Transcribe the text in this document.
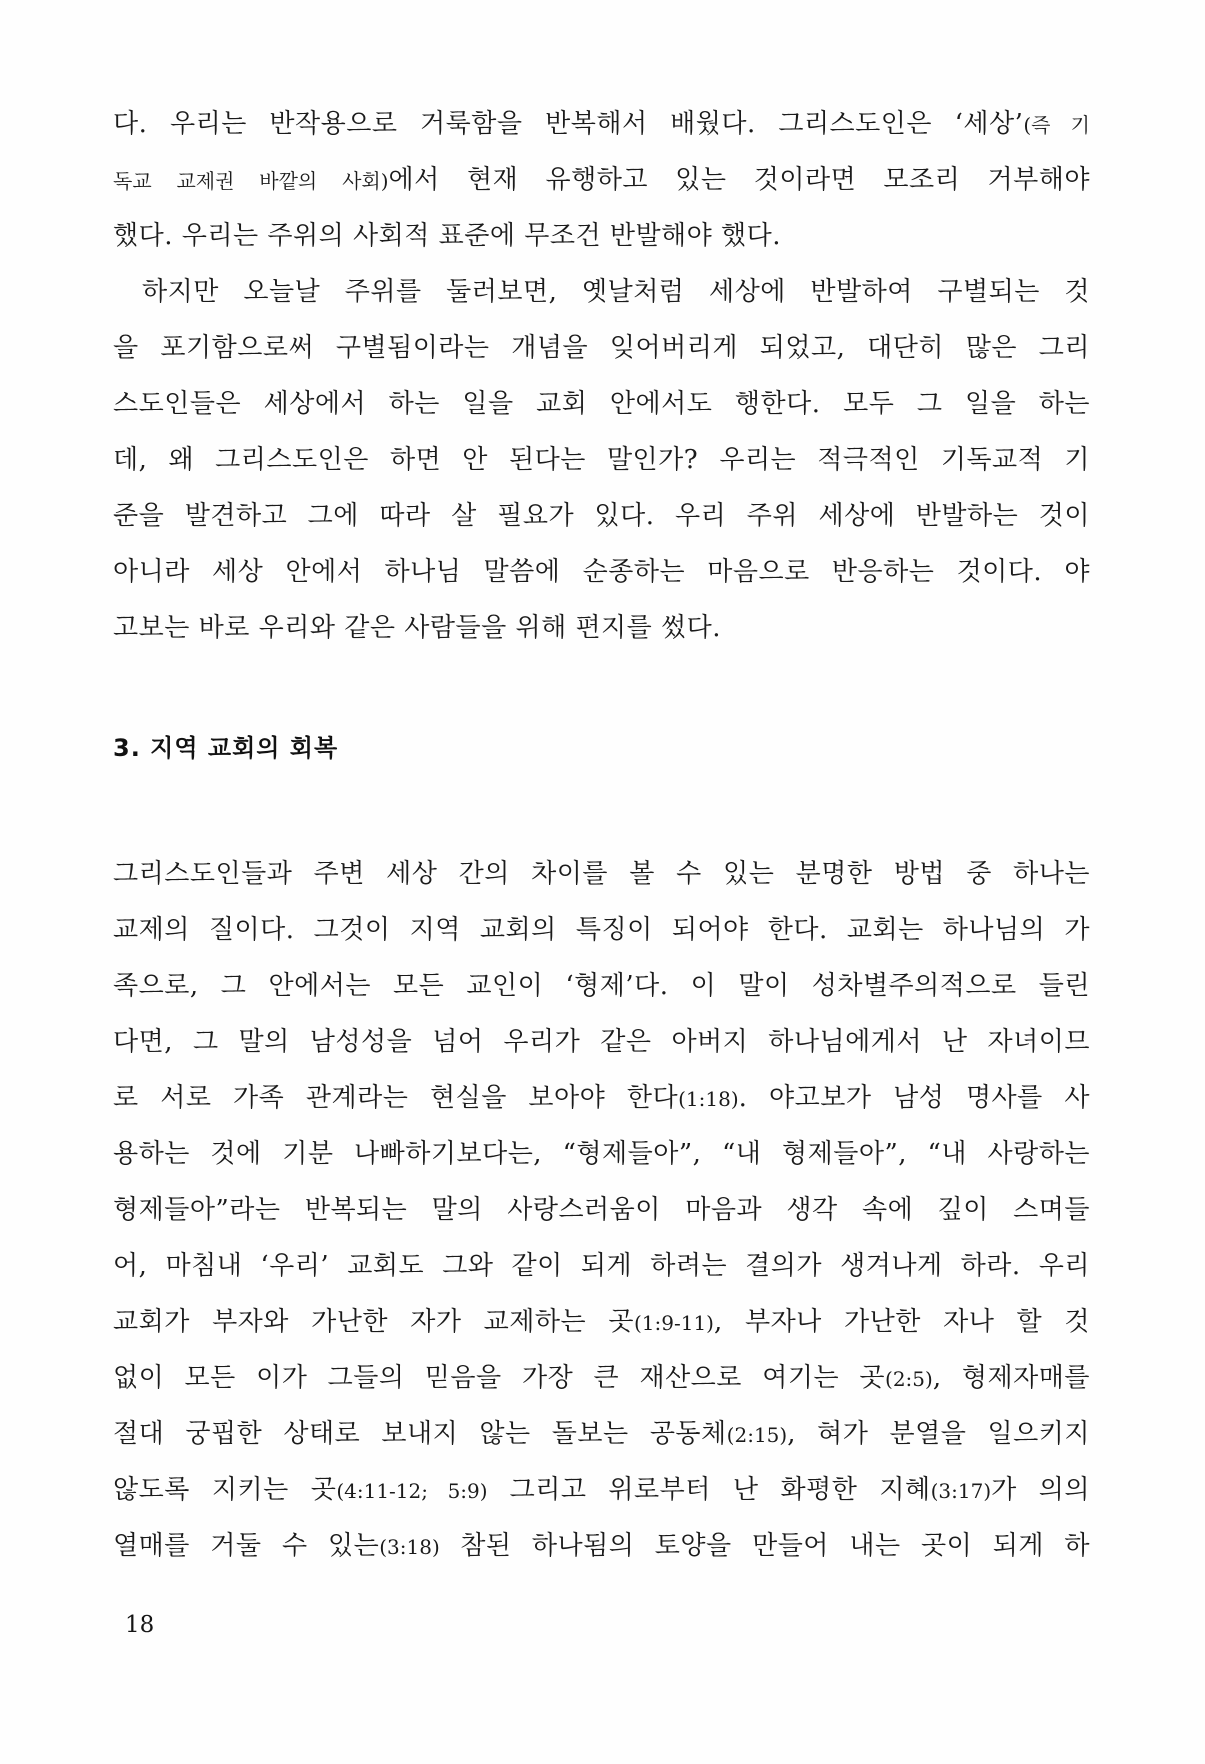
다. 우리는 반작용으로 거룩함을 반복해서 배웠다. 그리스도인은 ‘세상’(즉 기
독교 교제권 바깥의 사회)에서 현재 유행하고 있는 것이라면 모조리 거부해야
했다. 우리는 주위의 사회적 표준에 무조건 반발해야 했다.

하지만 오늘날 주위를 둘러보면, 옛날처럼 세상에 반발하여 구별되는 것
을 포기함으로써 구별됨이라는 개념을 잊어버리게 되었고, 대단히 많은 그리
스도인들은 세상에서 하는 일을 교회 안에서도 행한다. 모두 그 일을 하는
데, 왜 그리스도인은 하면 안 된다는 말인가? 우리는 적극적인 기독교적 기
준을 발견하고 그에 따라 살 필요가 있다. 우리 주위 세상에 반발하는 것이
아니라 세상 안에서 하나님 말씀에 순종하는 마음으로 반응하는 것이다. 야
고보는 바로 우리와 같은 사람들을 위해 편지를 썼다.

3. 지역 교회의 회복

그리스도인들과 주변 세상 간의 차이를 볼 수 있는 분명한 방법 중 하나는
교제의 질이다. 그것이 지역 교회의 특징이 되어야 한다. 교회는 하나님의 가
족으로, 그 안에서는 모든 교인이 ‘형제’다. 이 말이 성차별주의적으로 들린
다면, 그 말의 남성성을 넘어 우리가 같은 아버지 하나님에게서 난 자녀이므
로 서로 가족 관계라는 현실을 보아야 한다(1:18). 야고보가 남성 명사를 사
용하는 것에 기분 나빠하기보다는, “형제들아”, “내 형제들아”, “내 사랑하는
형제들아”라는 반복되는 말의 사랑스러움이 마음과 생각 속에 깊이 스며들
어, 마침내 ‘우리’ 교회도 그와 같이 되게 하려는 결의가 생겨나게 하라. 우리
교회가 부자와 가난한 자가 교제하는 곳(1:9-11), 부자나 가난한 자나 할 것
없이 모든 이가 그들의 믿음을 가장 큰 재산으로 여기는 곳(2:5), 형제자매를
절대 궁핍한 상태로 보내지 않는 돌보는 공동체(2:15), 혀가 분열을 일으키지
않도록 지키는 곳(4:11-12; 5:9) 그리고 위로부터 난 화평한 지혜(3:17)가 의의
열매를 거둘 수 있는(3:18) 참된 하나됨의 토양을 만들어 내는 곳이 되게 하

18
